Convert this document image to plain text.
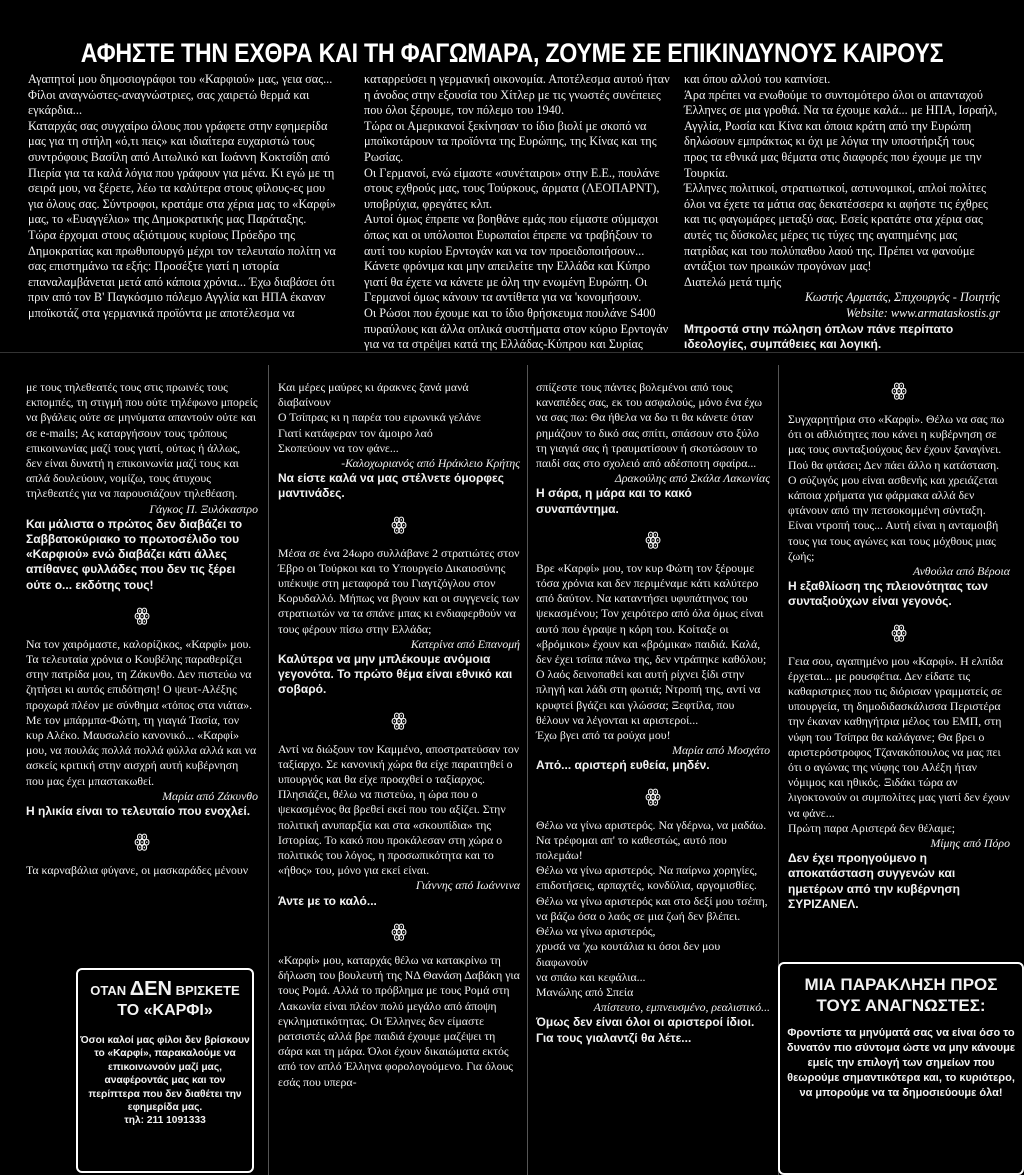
ΑΦΗΣΤΕ ΤΗΝ ΕΧΘΡΑ ΚΑΙ ΤΗ ΦΑΓΩΜΑΡΑ, ΖΟΥΜΕ ΣΕ ΕΠΙΚΙΝΔΥΝΟΥΣ ΚΑΙΡΟΥΣ

Αγαπητοί μου δημοσιογράφοι του «Καρφιού» μας, γεια σας...

Φίλοι αναγνώστες-αναγνώστριες, σας χαιρετώ θερμά και εγκάρδια...

Καταρχάς σας συγχαίρω όλους που γράφετε στην εφημερίδα μας για τη στήλη «ό,τι πεις» και ιδιαίτερα ευχαριστώ τους συντρόφους Βασίλη από Αιτωλικό και Ιωάννη Κοκτσίδη από Πιερία για τα καλά λόγια που γράφουν για μένα. Κι εγώ με τη σειρά μου, να ξέρετε, λέω τα καλύτερα στους φίλους-ες μου για όλους σας. Σύντροφοι, κρατάμε στα χέρια μας το «Καρφί» μας, το «Ευαγγέλιο» της Δημοκρατικής μας Παράταξης.

Τώρα έρχομαι στους αξιότιμους κυρίους Πρόεδρο της Δημοκρατίας και πρωθυπουργό μέχρι τον τελευταίο πολίτη να σας επιστημάνω τα εξής: Προσέξτε γιατί η ιστορία επαναλαμβάνεται μετά από κάποια χρόνια... Έχω διαβάσει ότι πριν από τον Β' Παγκόσμιο πόλεμο Αγγλία και ΗΠΑ έκαναν μποϊκοτάζ στα γερμανικά προϊόντα με αποτέλεσμα να

καταρρεύσει η γερμανική οικονομία. Αποτέλεσμα αυτού ήταν η άνοδος στην εξουσία του Χίτλερ με τις γνωστές συνέπειες που όλοι ξέρουμε, τον πόλεμο του 1940.

Τώρα οι Αμερικανοί ξεκίνησαν το ίδιο βιολί με σκοπό να μποϊκοτάρουν τα προϊόντα της Ευρώπης, της Κίνας και της Ρωσίας.

Οι Γερμανοί, ενώ είμαστε «συνέταιροι» στην Ε.Ε., πουλάνε στους εχθρούς μας, τους Τούρκους, άρματα (ΛΕΟΠΑΡΝΤ), υποβρύχια, φρεγάτες κλπ.

Αυτοί όμως έπρεπε να βοηθάνε εμάς που είμαστε σύμμαχοι όπως και οι υπόλοιποι Ευρωπαίοι έπρεπε να τραβήξουν το αυτί του κυρίου Ερντογάν και να τον προειδοποιήσουν...

Κάνετε φρόνιμα και μην απειλείτε την Ελλάδα και Κύπρο γιατί θα έχετε να κάνετε με όλη την ενωμένη Ευρώπη. Οι Γερμανοί όμως κάνουν τα αντίθετα για να 'κονομήσουν.

Οι Ρώσοι που έχουμε και το ίδιο θρήσκευμα πουλάνε S400 πυραύλους και άλλα οπλικά συστήματα στον κύριο Ερντογάν για να τα στρέψει κατά της Ελλάδας-Κύπρου και Συρίας

και όπου αλλού του καπνίσει.

Άρα πρέπει να ενωθούμε το συντομότερο όλοι οι απανταχού Έλληνες σε μια γροθιά. Να τα έχουμε καλά... με ΗΠΑ, Ισραήλ, Αγγλία, Ρωσία και Κίνα και όποια κράτη από την Ευρώπη δηλώσουν εμπράκτως κι όχι με λόγια την υποστήριξή τους προς τα εθνικά μας θέματα στις διαφορές που έχουμε με την Τουρκία.

Έλληνες πολιτικοί, στρατιωτικοί, αστυνομικοί, απλοί πολίτες όλοι να έχετε τα μάτια σας δεκατέσσερα κι αφήστε τις έχθρες και τις φαγωμάρες μεταξύ σας. Εσείς κρατάτε στα χέρια σας αυτές τις δύσκολες μέρες τις τύχες της αγαπημένης μας πατρίδας και του πολύπαθου λαού της. Πρέπει να φανούμε αντάξιοι των ηρωικών προγόνων μας!

Διατελώ μετά τιμής

Κωστής Αρματάς, Σπιχουργός - Ποιητής

Website: www.armataskostis.gr

Μπροστά στην πώληση όπλων πάνε περίπατο ιδεολογίες, συμπάθειες και λογική.

με τους τηλεθεατές τους στις πρωινές τους εκπομπές, τη στιγμή που ούτε τηλέφωνο μπορείς να βγάλεις ούτε σε μηνύματα απαντούν ούτε και σε e-mails; Ας καταργήσουν τους τρόπους επικοινωνίας μαζί τους γιατί, ούτως ή άλλως, δεν είναι δυνατή η επικοινωνία μαζί τους και απλά δουλεύουν, νομίζω, τους άτυχους τηλεθεατές για να παρουσιάζουν τηλεθέαση.

Γάγκος Π. Ξυλόκαστρο

Και μάλιστα ο πρώτος δεν διαβάζει το Σαββατοκύριακο το πρωτοσέλιδο του «Καρφιού» ενώ διαβάζει κάτι άλλες απίθανες φυλλάδες που δεν τις ξέρει ούτε ο... εκδότης τους!

ꙮ

Να τον χαιρόμαστε, καλορίζικος, «Καρφί» μου. Τα τελευταία χρόνια ο Κουβέλης παραθερίζει στην πατρίδα μου, τη Ζάκυνθο. Δεν πιστεύω να ζητήσει κι αυτός επιδότηση! Ο ψευτ-Αλέξης προχωρά πλέον με σύνθημα «τόπος στα νιάτα». Με τον μπάρμπα-Φώτη, τη γιαγιά Τασία, τον κυρ Αλέκο. Μαυσωλείο κανονικό... «Καρφί» μου, να πουλάς πολλά πολλά φύλλα αλλά και να ασκείς κριτική στην αισχρή αυτή κυβέρνηση που μας έχει μπαστακωθεί.

Μαρία από Ζάκυνθο

Η ηλικία είναι το τελευταίο που ενοχλεί.

ꙮ

Τα καρναβάλια φύγανε, οι μασκαράδες μένουν

Και μέρες μαύρες κι άρακνες ξανά μανά διαβαίνουν
Ο Τσίπρας κι η παρέα του ειρωνικά γελάνε
Γιατί κατάφεραν τον άμοιρο λαό
Σκοπεύουν να τον φάνε...

-Καλοχωριανός από Ηράκλειο Κρήτης

Να είστε καλά να μας στέλνετε όμορφες μαντινάδες.

ꙮ

Μέσα σε ένα 24ωρο συλλάβανε 2 στρατιώτες στον Έβρο οι Τούρκοι και το Υπουργείο Δικαιοσύνης υπέκυψε στη μεταφορά του Γιαγτζόγλου στον Κορυδαλλό. Μήπως να βγουν και οι συγγενείς των στρατιωτών να τα σπάνε μπας κι ενδιαφερθούν να τους φέρουν πίσω στην Ελλάδα;

Κατερίνα από Επανομή

Καλύτερα να μην μπλέκουμε ανόμοια γεγονότα. Το πρώτο θέμα είναι εθνικό και σοβαρό.

ꙮ

Αντί να διώξουν τον Καμμένο, αποστρατεύσαν τον ταξίαρχο. Σε κανονική χώρα θα είχε παραιτηθεί ο υπουργός και θα είχε προαχθεί ο ταξίαρχος. Πλησιάζει, θέλω να πιστεύω, η ώρα που ο ψεκασμένος θα βρεθεί εκεί που του αξίζει. Στην πολιτική ανυπαρξία και στα «σκουπίδια» της Ιστορίας. Το κακό που προκάλεσαν στη χώρα ο πολιτικός του λόγος, η προσωπικότητα και το «ήθος» του, μόνο για εκεί είναι.

Γιάννης από Ιωάννινα

Άντε με το καλό...

ꙮ

«Καρφί» μου, καταρχάς θέλω να κατακρίνω τη δήλωση του βουλευτή της ΝΔ Θανάση Δαβάκη για τους Ρομά. Αλλά το πρόβλημα με τους Ρομά στη Λακωνία είναι πλέον πολύ μεγάλο από άποψη εγκληματικότητας. Οι Έλληνες δεν είμαστε ρατσιστές αλλά βρε παιδιά έχουμε μαζέψει τη σάρα και τη μάρα. Όλοι έχουν δικαιώματα εκτός από τον απλό Έλληνα φορολογούμενο. Για όλους εσάς που υπερα-

σπίζεστε τους πάντες βολεμένοι από τους καναπέδες σας, εκ του ασφαλούς, μόνο ένα έχω να σας πω: Θα ήθελα να δω τι θα κάνετε όταν ρημάζουν το δικό σας σπίτι, σπάσουν στο ξύλο τη γιαγιά σας ή τραυματίσουν ή σκοτώσουν το παιδί σας στο σχολειό από αδέσποτη σφαίρα...

Δρακούλης από Σκάλα Λακωνίας

Η σάρα, η μάρα και το κακό συναπάντημα.

ꙮ

Βρε «Καρφί» μου, τον κυρ Φώτη τον ξέρουμε τόσα χρόνια και δεν περιμέναμε κάτι καλύτερο από δαύτον. Να καταντήσει υφυπάτηνος του ψεκασμένου; Τον χειρότερο από όλα όμως είναι αυτό που έγραψε η κόρη του. Κοίταξε οι «βρόμικοι» έχουν και «βρόμικα» παιδιά. Καλά, δεν έχει τσίπα πάνω της, δεν ντράπηκε καθόλου; Ο λαός δεινοπαθεί και αυτή ρίχνει ξίδι στην πληγή και λάδι στη φωτιά; Ντροπή της, αντί να κρυφτεί βγάζει και γλώσσα; Ξεφτίλα, που θέλουν να λέγονται κι αριστεροί...
Έχω βγει από τα ρούχα μου!

Μαρία από Μοσχάτο

Από... αριστερή ευθεία, μηδέν.

ꙮ

Θέλω να γίνω αριστερός. Να γδέρνω, να μαδάω.
Να τρέφομαι απ' το καθεστώς, αυτό που πολεμάω!
Θέλω να γίνω αριστερός. Να παίρνω χορηγίες,
επιδοτήσεις, αρπαχτές, κονδύλια, αργομισθίες.
Θέλω να γίνω αριστερός και στο δεξί μου τσέπη,
να βάζω όσα ο λαός σε μια ζωή δεν βλέπει.
Θέλω να γίνω αριστερός,
χρυσά να 'χω κουτάλια κι όσοι δεν μου διαφωνούν
να σπάω και κεφάλια...
Μανώλης από Σπεία

Απίστευτο, εμπνευσμένο, ρεαλιστικό...

Όμως δεν είναι όλοι οι αριστεροί ίδιοι. Για τους γιαλαντζί θα λέτε...

ꙮ

Συγχαρητήρια στο «Καρφί». Θέλω να σας πω ότι οι αθλιότητες που κάνει η κυβέρνηση σε μας τους συνταξιούχους δεν έχουν ξαναγίνει. Πού θα φτάσει; Δεν πάει άλλο η κατάσταση. Ο σύζυγός μου είναι ασθενής και χρειάζεται κάποια χρήματα για φάρμακα αλλά δεν φτάνουν από την πετσοκομμένη σύνταξη. Είναι ντροπή τους... Αυτή είναι η ανταμοιβή τους για τους αγώνες και τους μόχθους μιας ζωής;

Ανθούλα από Βέροια

Η εξαθλίωση της πλειονότητας των συνταξιούχων είναι γεγονός.

ꙮ

Γεια σου, αγαπημένο μου «Καρφί». Η ελπίδα έρχεται... με ρουσφέτια. Δεν είδατε τις καθαριστριες που τις διόρισαν γραμματείς σε υπουργεία, τη δημοδιδασκάλισσα Περιστέρα την έκαναν καθηγήτρια μέλος του ΕΜΠ, στη νύφη του Τσίπρα θα καλάγανε; Θα βρει ο αριστερόστροφος Τζανακόπουλος να μας πει ότι ο αγώνας της νύφης του Αλέξη ήταν νόμιμος και ηθικός. Ξιδάκι τώρα αν λιγοκτονούν οι συμπολίτες μας γιατί δεν έχουν να φάνε...
Πρώτη παρα Αριστερά δεν θέλαμε;

Μίμης από Πόρο

Δεν έχει προηγούμενο η αποκατάσταση συγγενών και ημετέρων από την κυβέρνηση ΣΥΡΙΖΑΝΕΛ.

ΟΤΑΝ ΔΕΝ ΒΡΙΣΚΕΤΕ
ΤΟ «ΚΑΡΦΙ»
Όσοι καλοί μας φίλοι δεν βρίσκουν το «Καρφί», παρακαλούμε να επικοινωνούν μαζί μας, αναφέροντάς μας και τον περίπτερα που δεν διαθέτει την εφημερίδα μας.
τηλ: 211 1091333
ΜΙΑ ΠΑΡΑΚΛΗΣΗ ΠΡΟΣ ΤΟΥΣ ΑΝΑΓΝΩΣΤΕΣ:
Φροντίστε τα μηνύματά σας να είναι όσο το δυνατόν πιο σύντομα ώστε να μην κάνουμε εμείς την επιλογή των σημείων που θεωρούμε σημαντικότερα και, το κυριότερο, να μπορούμε να τα δημοσιεύουμε όλα!
